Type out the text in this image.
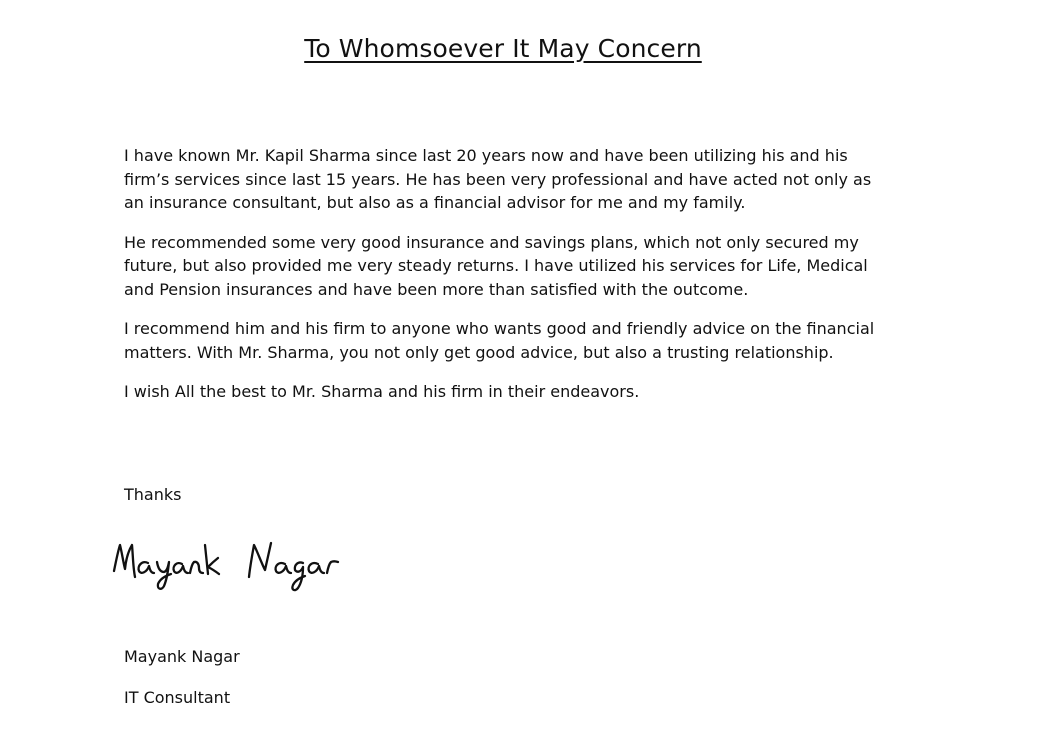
To Whomsoever It May Concern

I have known Mr. Kapil Sharma since last 20 years now and have been utilizing his and his firm’s services since last 15 years. He has been very professional and have acted not only as an insurance consultant, but also as a financial advisor for me and my family.

He recommended some very good insurance and savings plans, which not only secured my future, but also provided me very steady returns. I have utilized his services for Life, Medical and Pension insurances and have been more than satisfied with the outcome.

I recommend him and his firm to anyone who wants good and friendly advice on the financial matters. With Mr. Sharma, you not only get good advice, but also a trusting relationship.

I wish All the best to Mr. Sharma and his firm in their endeavors.

Thanks
Mayank Nagar
IT Consultant
